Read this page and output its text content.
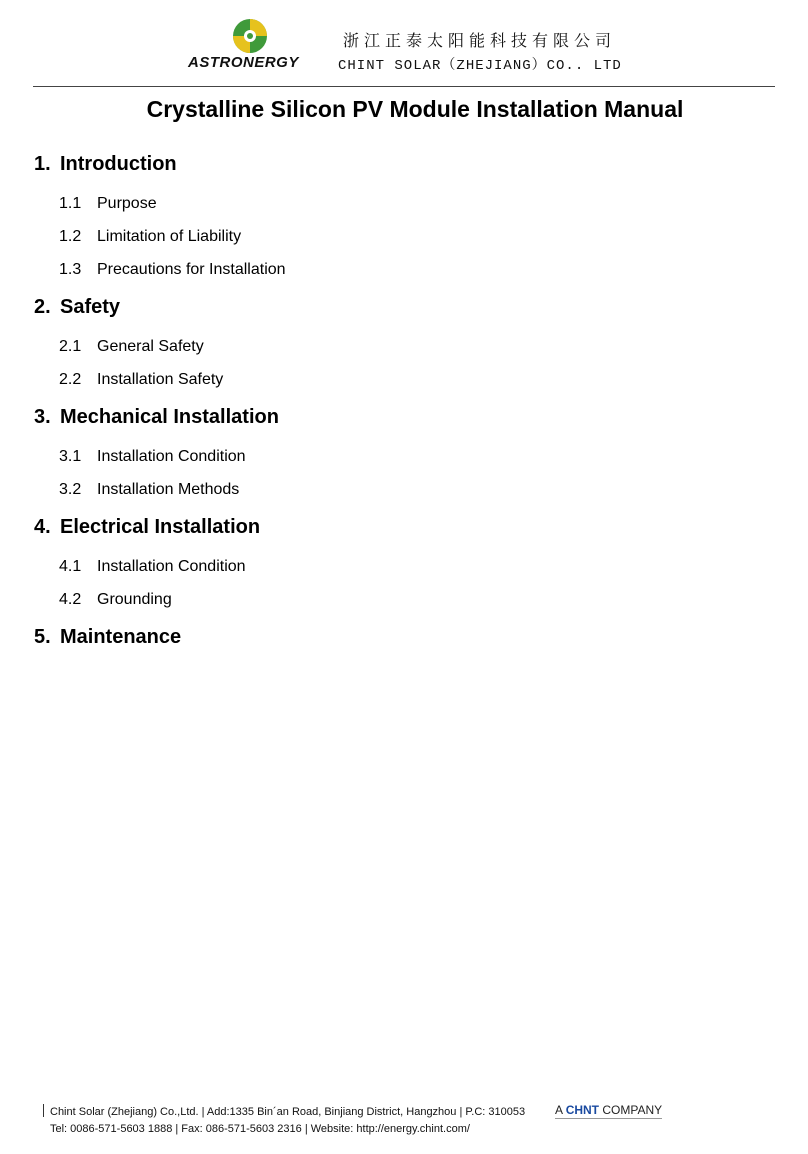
ASTRONERGY
浙江正泰太阳能科技有限公司
CHINT SOLAR（ZHEJIANG）CO.. LTD
Crystalline Silicon PV Module Installation Manual
1. Introduction
1.1 Purpose
1.2 Limitation of Liability
1.3 Precautions for Installation
2. Safety
2.1 General Safety
2.2 Installation Safety
3. Mechanical Installation
3.1 Installation Condition
3.2 Installation Methods
4. Electrical Installation
4.1 Installation Condition
4.2 Grounding
5. Maintenance
Chint Solar (Zhejiang) Co.,Ltd. | Add:1335 Bin´an Road, Binjiang District, Hangzhou | P.C: 310053 A CHNT COMPANY
Tel: 0086-571-5603 1888 | Fax: 086-571-5603 2316 | Website: http://energy.chint.com/
